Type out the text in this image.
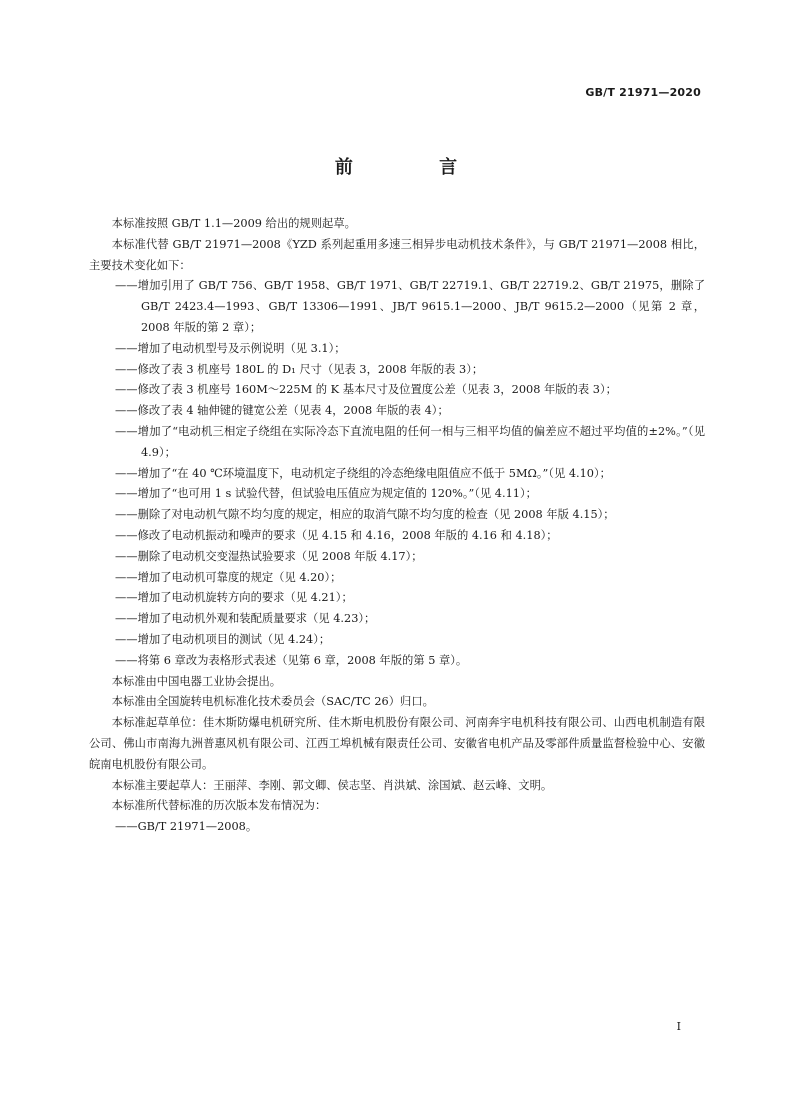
GB/T 21971—2020
前 言
本标准按照 GB/T 1.1—2009 给出的规则起草。
本标准代替 GB/T 21971—2008《YZD 系列起重用多速三相异步电动机技术条件》，与 GB/T 21971—2008 相比，主要技术变化如下：
——增加引用了 GB/T 756、GB/T 1958、GB/T 1971、GB/T 22719.1、GB/T 22719.2、GB/T 21975，删除了 GB/T 2423.4—1993、GB/T 13306—1991、JB/T 9615.1—2000、JB/T 9615.2—2000（见第 2 章，2008 年版的第 2 章）；
——增加了电动机型号及示例说明（见 3.1）；
——修改了表 3 机座号 180L 的 D₁ 尺寸（见表 3，2008 年版的表 3）；
——修改了表 3 机座号 160M～225M 的 K 基本尺寸及位置度公差（见表 3，2008 年版的表 3）；
——修改了表 4 轴伸键的键宽公差（见表 4，2008 年版的表 4）；
——增加了“电动机三相定子绕组在实际冷态下直流电阻的任何一相与三相平均值的偏差应不超过平均值的±2%。”（见 4.9）；
——增加了“在 40 ℃环境温度下，电动机定子绕组的冷态绝缘电阻值应不低于 5MΩ。”（见 4.10）；
——增加了“也可用 1 s 试验代替，但试验电压值应为规定值的 120%。”（见 4.11）；
——删除了对电动机气隙不均匀度的规定，相应的取消气隙不均匀度的检查（见 2008 年版 4.15）；
——修改了电动机振动和噪声的要求（见 4.15 和 4.16，2008 年版的 4.16 和 4.18）；
——删除了电动机交变湿热试验要求（见 2008 年版 4.17）；
——增加了电动机可靠度的规定（见 4.20）；
——增加了电动机旋转方向的要求（见 4.21）；
——增加了电动机外观和装配质量要求（见 4.23）；
——增加了电动机项目的测试（见 4.24）；
——将第 6 章改为表格形式表述（见第 6 章，2008 年版的第 5 章）。
本标准由中国电器工业协会提出。
本标准由全国旋转电机标准化技术委员会（SAC/TC 26）归口。
本标准起草单位：佳木斯防爆电机研究所、佳木斯电机股份有限公司、河南奔宇电机科技有限公司、山西电机制造有限公司、佛山市南海九洲普惠风机有限公司、江西工埠机械有限责任公司、安徽省电机产品及零部件质量监督检验中心、安徽皖南电机股份有限公司。
本标准主要起草人：王丽萍、李刚、郭文卿、侯志坚、肖洪斌、涂国斌、赵云峰、文明。
本标准所代替标准的历次版本发布情况为：
——GB/T 21971—2008。
I
